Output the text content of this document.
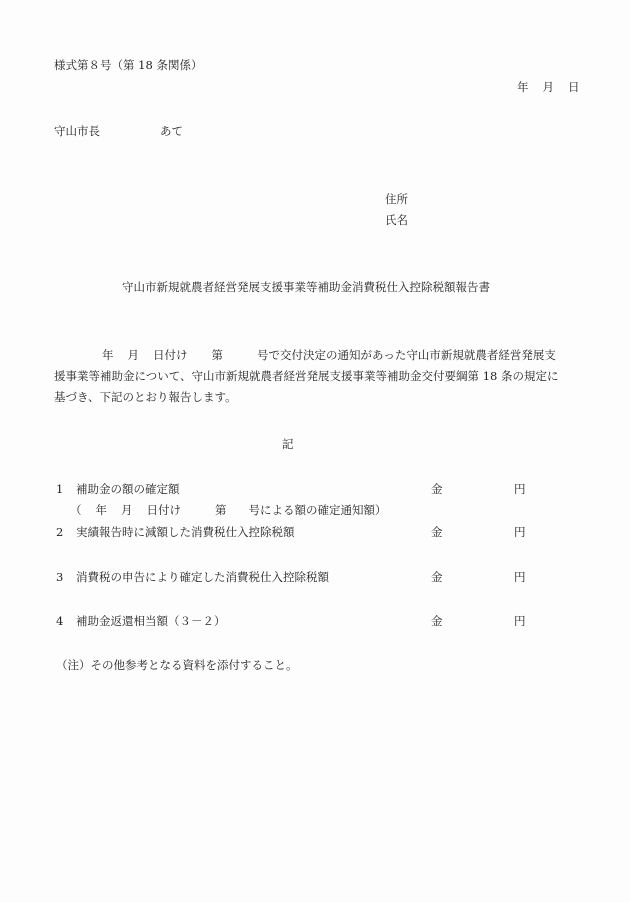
様式第８号（第 18 条関係）
年 月 日
守山市長	あて
住所
氏名
守山市新規就農者経営発展支援事業等補助金消費税仕入控除税額報告書
年 月 日付け 第	号で交付決定の通知があった守山市新規就農者経営発展支
援事業等補助金について、守山市新規就農者経営発展支援事業等補助金交付要綱第 18 条の規定に
基づき、下記のとおり報告します。
記
1 補助金の額の確定額	金	円
（ 年 月 日付け	第 号による額の確定通知額）
2 実績報告時に減額した消費税仕入控除税額	金	円
3 消費税の申告により確定した消費税仕入控除税額	金	円
4 補助金返還相当額（３－２）	金	円
（注）その他参考となる資料を添付すること。
